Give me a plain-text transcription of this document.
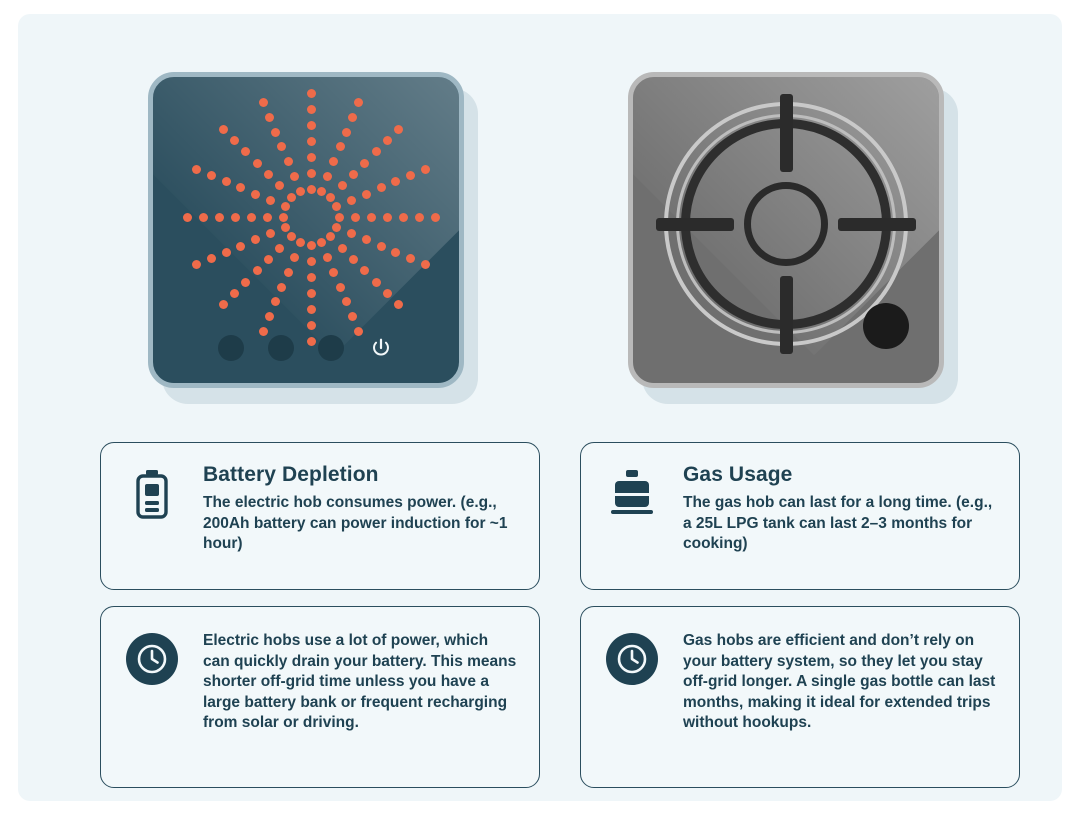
Battery Depletion

The electric hob consumes power. (e.g., 200Ah battery can power induction for ~1 hour)

Gas Usage

The gas hob can last for a long time. (e.g., a 25L LPG tank can last 2–3 months for cooking)

Electric hobs use a lot of power, which can quickly drain your battery. This means shorter off-grid time unless you have a large battery bank or frequent recharging from solar or driving.

Gas hobs are efficient and don’t rely on your battery system, so they let you stay off-grid longer. A single gas bottle can last months, making it ideal for extended trips without hookups.
